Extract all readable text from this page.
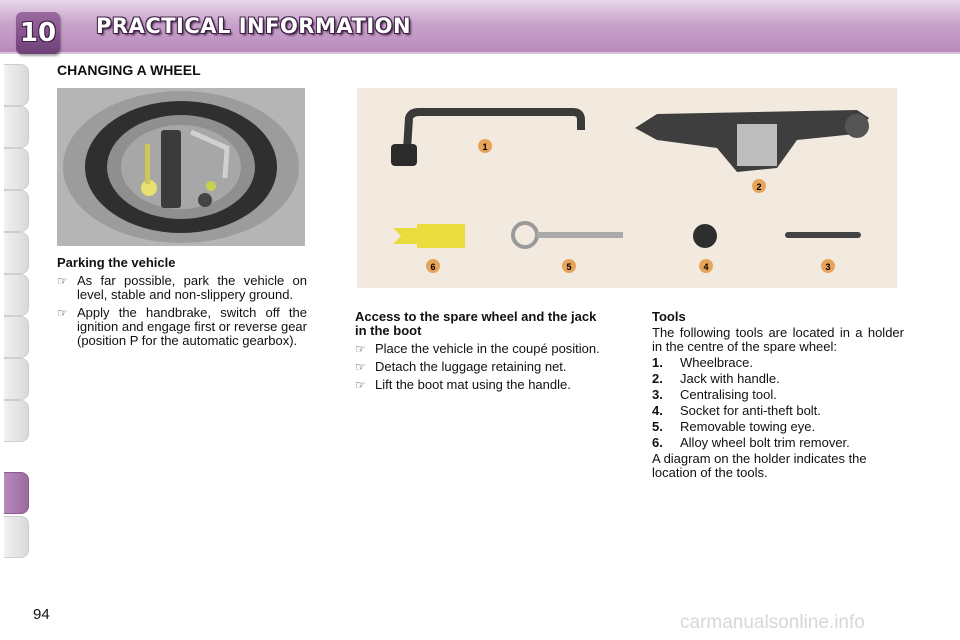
10 PRACTICAL INFORMATION
CHANGING A WHEEL
1
2
3
4
5
6
Parking the vehicle
☞ As far possible, park the vehicle on level, stable and non-slippery ground.
☞ Apply the handbrake, switch off the ignition and engage first or reverse gear (position P for the automatic gearbox).
Access to the spare wheel and the jack in the boot
☞ Place the vehicle in the coupé position.
☞ Detach the luggage retaining net.
☞ Lift the boot mat using the handle.
Tools
The following tools are located in a holder in the centre of the spare wheel:
1.	Wheelbrace.
2.	Jack with handle.
3.	Centralising tool.
4.	Socket for anti-theft bolt.
5.	Removable towing eye.
6.	Alloy wheel bolt trim remover.
A diagram on the holder indicates the location of the tools.
94	carmanualsonline.info
